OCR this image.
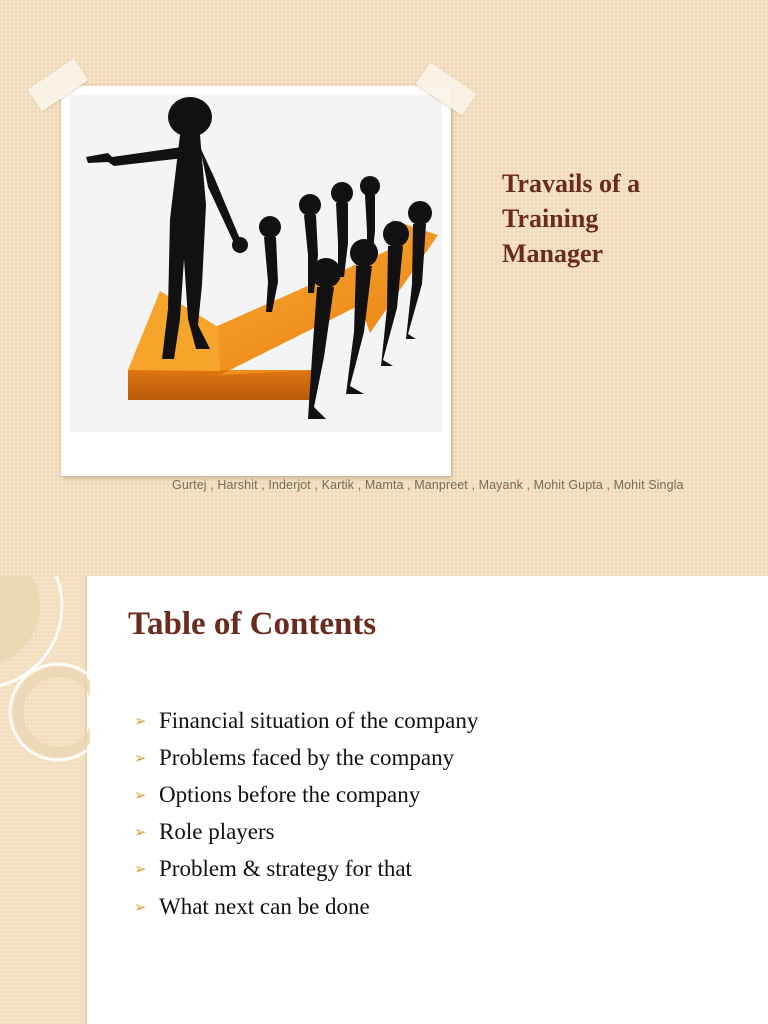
Travails of a
Training
Manager
Gurtej , Harshit , Inderjot , Kartik , Mamta , Manpreet , Mayank , Mohit Gupta , Mohit Singla
Table of Contents
➢ Financial situation of the company
➢ Problems faced by the company
➢ Options before the company
➢ Role players
➢ Problem & strategy for that
➢ What next can be done
